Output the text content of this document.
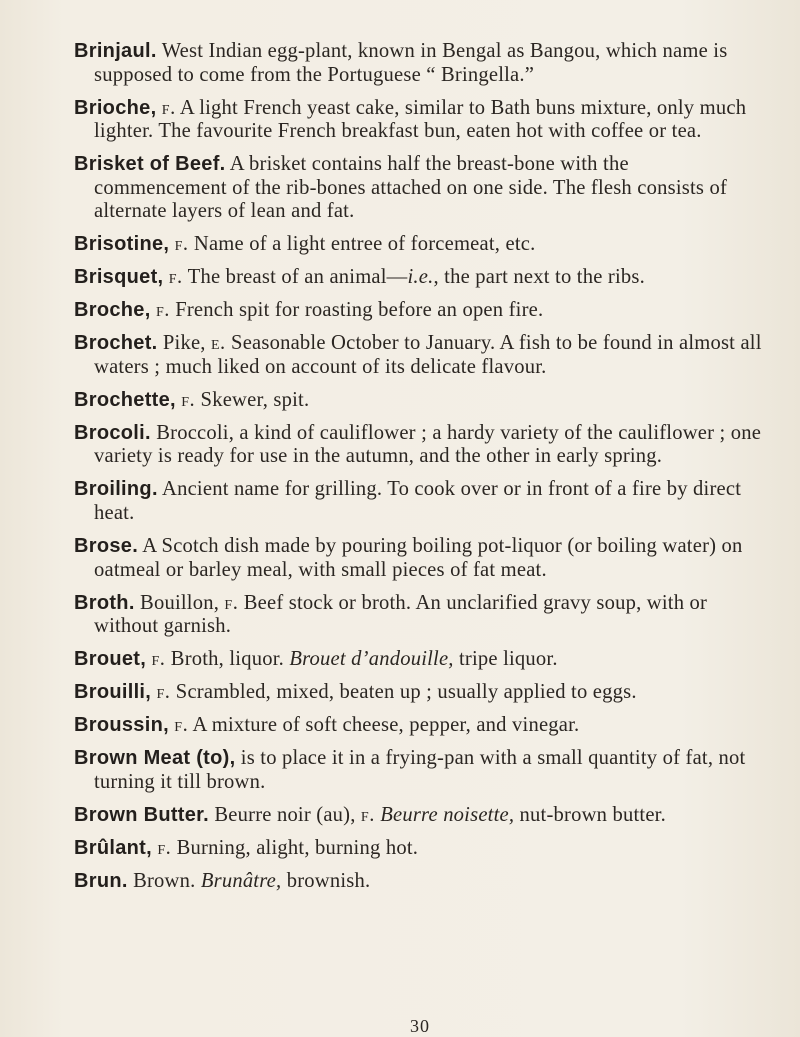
Brinjaul. West Indian egg-plant, known in Bengal as Bangou, which name is supposed to come from the Portuguese “ Bringella.”

Brioche, f. A light French yeast cake, similar to Bath buns mixture, only much lighter. The favourite French breakfast bun, eaten hot with coffee or tea.

Brisket of Beef. A brisket contains half the breast-bone with the commencement of the rib-bones attached on one side. The flesh consists of alternate layers of lean and fat.

Brisotine, f. Name of a light entree of forcemeat, etc.

Brisquet, f. The breast of an animal—i.e., the part next to the ribs.

Broche, f. French spit for roasting before an open fire.

Brochet. Pike, e. Seasonable October to January. A fish to be found in almost all waters ; much liked on account of its delicate flavour.

Brochette, f. Skewer, spit.

Brocoli. Broccoli, a kind of cauliflower ; a hardy variety of the cauliflower ; one variety is ready for use in the autumn, and the other in early spring.

Broiling. Ancient name for grilling. To cook over or in front of a fire by direct heat.

Brose. A Scotch dish made by pouring boiling pot-liquor (or boiling water) on oatmeal or barley meal, with small pieces of fat meat.

Broth. Bouillon, f. Beef stock or broth. An unclarified gravy soup, with or without garnish.

Brouet, f. Broth, liquor. Brouet d’andouille, tripe liquor.

Brouilli, f. Scrambled, mixed, beaten up ; usually applied to eggs.

Broussin, f. A mixture of soft cheese, pepper, and vinegar.

Brown Meat (to), is to place it in a frying-pan with a small quantity of fat, not turning it till brown.

Brown Butter. Beurre noir (au), f. Beurre noisette, nut-brown butter.

Brûlant, f. Burning, alight, burning hot.

Brun. Brown. Brunâtre, brownish.

30
